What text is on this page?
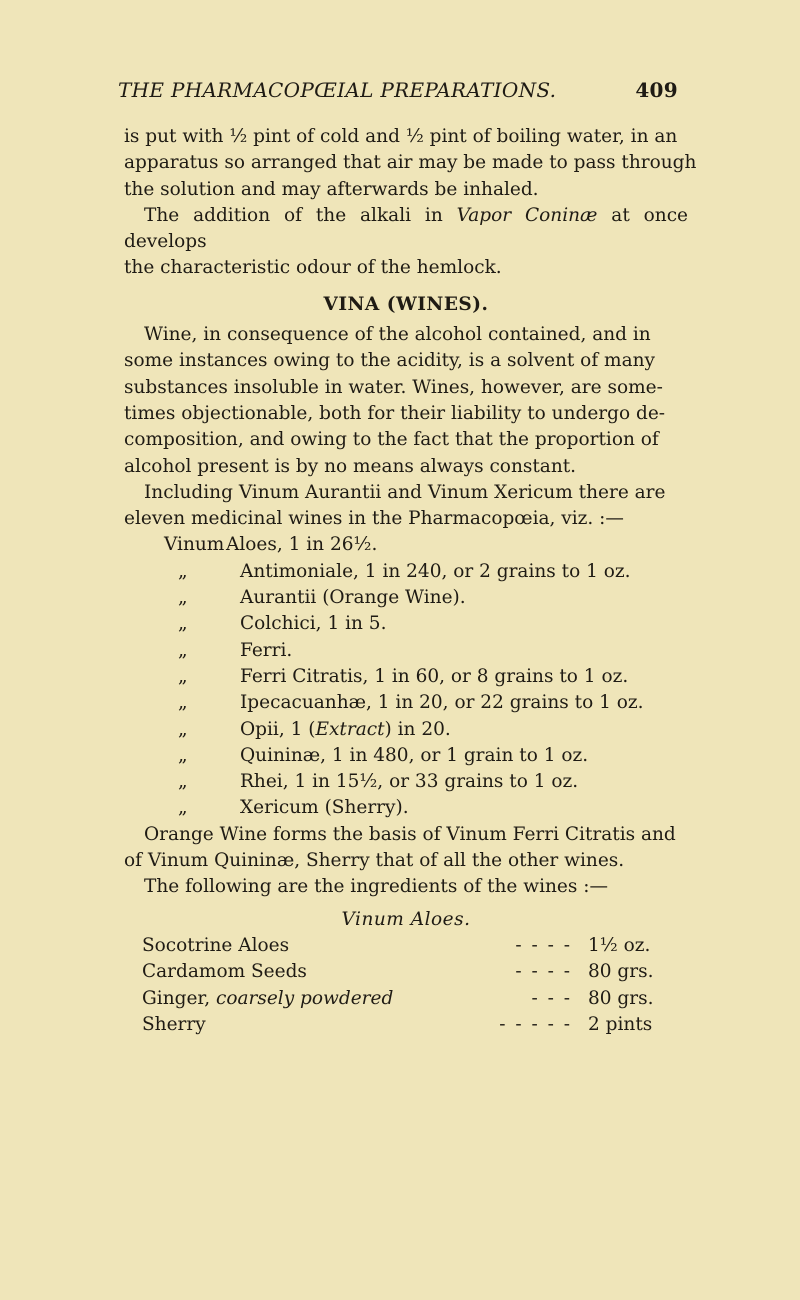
THE PHARMACOPŒIAL PREPARATIONS.	409

is put with ½ pint of cold and ½ pint of boiling water, in an
apparatus so arranged that air may be made to pass through
the solution and may afterwards be inhaled.

The addition of the alkali in Vapor Coninæ at once develops
the characteristic odour of the hemlock.

VINA (WINES).

Wine, in consequence of the alcohol contained, and in
some instances owing to the acidity, is a solvent of many
substances insoluble in water. Wines, however, are some-
times objectionable, both for their liability to undergo de-
composition, and owing to the fact that the proportion of
alcohol present is by no means always constant.

Including Vinum Aurantii and Vinum Xericum there are
eleven medicinal wines in the Pharmacopœia, viz. :—

Vinum Aloes, 1 in 26½.
„	Antimoniale, 1 in 240, or 2 grains to 1 oz.
„	Aurantii (Orange Wine).
„	Colchici, 1 in 5.
„	Ferri.
„	Ferri Citratis, 1 in 60, or 8 grains to 1 oz.
„	Ipecacuanhæ, 1 in 20, or 22 grains to 1 oz.
„	Opii, 1 (Extract) in 20.
„	Quininæ, 1 in 480, or 1 grain to 1 oz.
„	Rhei, 1 in 15½, or 33 grains to 1 oz.
„	Xericum (Sherry).

Orange Wine forms the basis of Vinum Ferri Citratis and
of Vinum Quininæ, Sherry that of all the other wines.

The following are the ingredients of the wines :—

Vinum Aloes.
Socotrine Aloes	- - - - 1½ oz.
Cardamom Seeds	- - - - 80 grs.
Ginger, coarsely powdered	- - - 80 grs.
Sherry	- - - - - 2 pints
